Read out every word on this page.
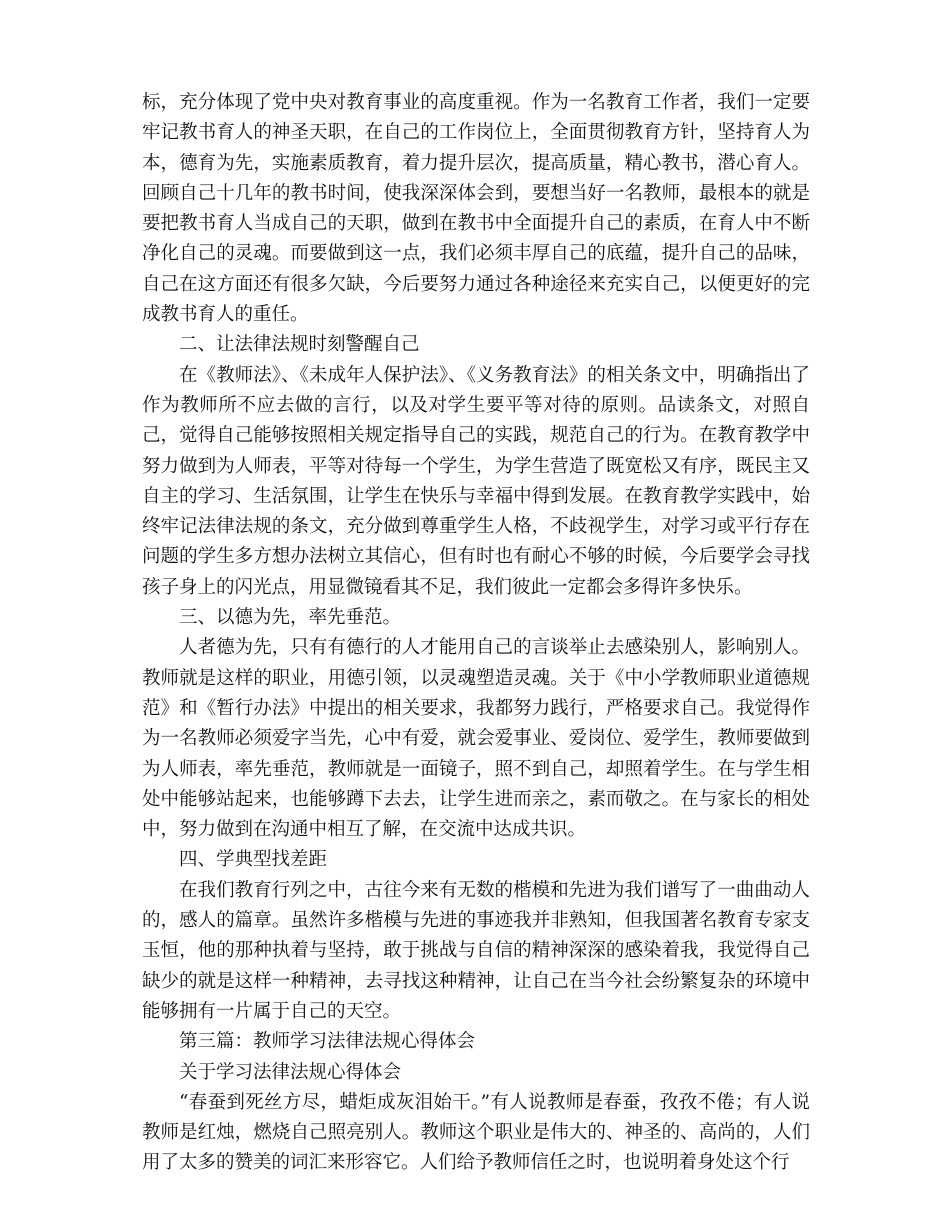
标，充分体现了党中央对教育事业的高度重视。作为一名教育工作者，我们一定要牢记教书育人的神圣天职，在自己的工作岗位上，全面贯彻教育方针，坚持育人为本，德育为先，实施素质教育，着力提升层次，提高质量，精心教书，潜心育人。回顾自己十几年的教书时间，使我深深体会到，要想当好一名教师，最根本的就是要把教书育人当成自己的天职，做到在教书中全面提升自己的素质，在育人中不断净化自己的灵魂。而要做到这一点，我们必须丰厚自己的底蕴，提升自己的品味，自己在这方面还有很多欠缺，今后要努力通过各种途径来充实自己，以便更好的完成教书育人的重任。

二、让法律法规时刻警醒自己

在《教师法》、《未成年人保护法》、《义务教育法》的相关条文中，明确指出了作为教师所不应去做的言行，以及对学生要平等对待的原则。品读条文，对照自己，觉得自己能够按照相关规定指导自己的实践，规范自己的行为。在教育教学中努力做到为人师表，平等对待每一个学生，为学生营造了既宽松又有序，既民主又自主的学习、生活氛围，让学生在快乐与幸福中得到发展。在教育教学实践中，始终牢记法律法规的条文，充分做到尊重学生人格，不歧视学生，对学习或平行存在问题的学生多方想办法树立其信心，但有时也有耐心不够的时候，今后要学会寻找孩子身上的闪光点，用显微镜看其不足，我们彼此一定都会多得许多快乐。

三、以德为先，率先垂范。

人者德为先，只有有德行的人才能用自己的言谈举止去感染别人，影响别人。教师就是这样的职业，用德引领，以灵魂塑造灵魂。关于《中小学教师职业道德规范》和《暂行办法》中提出的相关要求，我都努力践行，严格要求自己。我觉得作为一名教师必须爱字当先，心中有爱，就会爱事业、爱岗位、爱学生，教师要做到为人师表，率先垂范，教师就是一面镜子，照不到自己，却照着学生。在与学生相处中能够站起来，也能够蹲下去去，让学生进而亲之，素而敬之。在与家长的相处中，努力做到在沟通中相互了解，在交流中达成共识。

四、学典型找差距

在我们教育行列之中，古往今来有无数的楷模和先进为我们谱写了一曲曲动人的，感人的篇章。虽然许多楷模与先进的事迹我并非熟知，但我国著名教育专家支玉恒，他的那种执着与坚持，敢于挑战与自信的精神深深的感染着我，我觉得自己缺少的就是这样一种精神，去寻找这种精神，让自己在当今社会纷繁复杂的环境中能够拥有一片属于自己的天空。

第三篇：教师学习法律法规心得体会

关于学习法律法规心得体会

“春蚕到死丝方尽，蜡炬成灰泪始干。”有人说教师是春蚕，孜孜不倦；有人说教师是红烛，燃烧自己照亮别人。教师这个职业是伟大的、神圣的、高尚的，人们用了太多的赞美的词汇来形容它。人们给予教师信任之时，也说明着身处这个行
